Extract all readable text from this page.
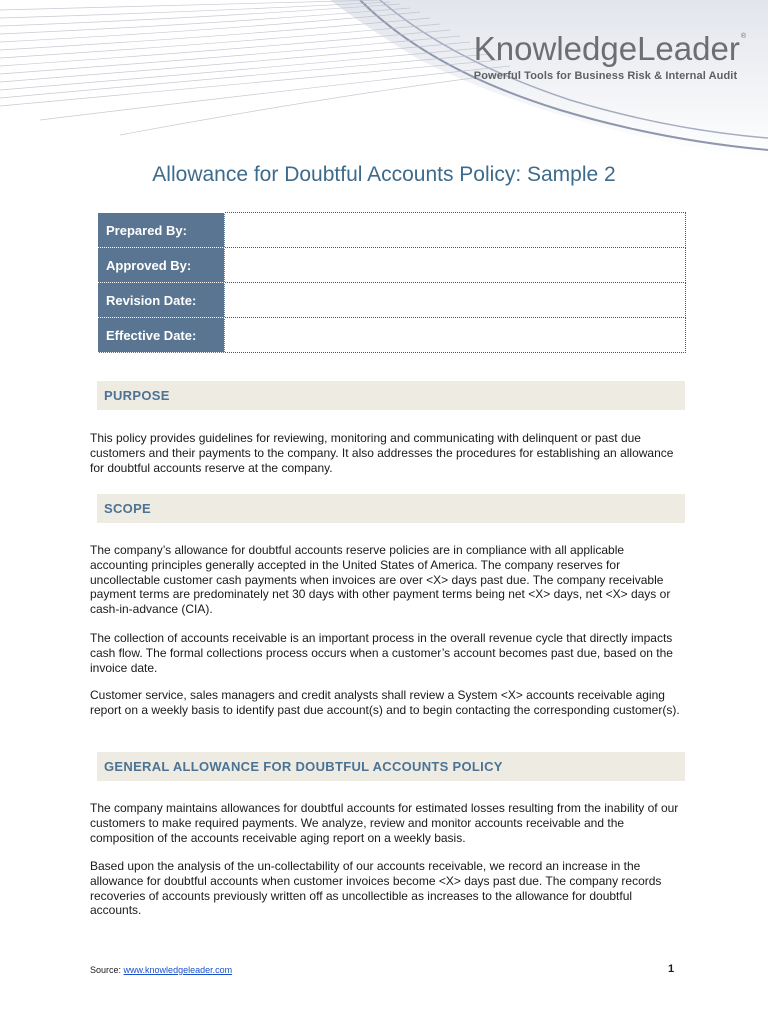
KnowledgeLeader®
Powerful Tools for Business Risk & Internal Audit
Allowance for Doubtful Accounts Policy: Sample 2
Prepared By:	
Approved By:	
Revision Date:	
Effective Date:	
PURPOSE

This policy provides guidelines for reviewing, monitoring and communicating with delinquent or past due customers and their payments to the company. It also addresses the procedures for establishing an allowance for doubtful accounts reserve at the company.

SCOPE

The company’s allowance for doubtful accounts reserve policies are in compliance with all applicable accounting principles generally accepted in the United States of America. The company reserves for uncollectable customer cash payments when invoices are over <X> days past due. The company receivable payment terms are predominately net 30 days with other payment terms being net <X> days, net <X> days or cash-in-advance (CIA).

The collection of accounts receivable is an important process in the overall revenue cycle that directly impacts cash flow. The formal collections process occurs when a customer’s account becomes past due, based on the invoice date.

Customer service, sales managers and credit analysts shall review a System <X> accounts receivable aging report on a weekly basis to identify past due account(s) and to begin contacting the corresponding customer(s).

GENERAL ALLOWANCE FOR DOUBTFUL ACCOUNTS POLICY

The company maintains allowances for doubtful accounts for estimated losses resulting from the inability of our customers to make required payments. We analyze, review and monitor accounts receivable and the composition of the accounts receivable aging report on a weekly basis.

Based upon the analysis of the un-collectability of our accounts receivable, we record an increase in the allowance for doubtful accounts when customer invoices become <X> days past due. The company records recoveries of accounts previously written off as uncollectible as increases to the allowance for doubtful accounts.

Source: www.knowledgeleader.com	1
